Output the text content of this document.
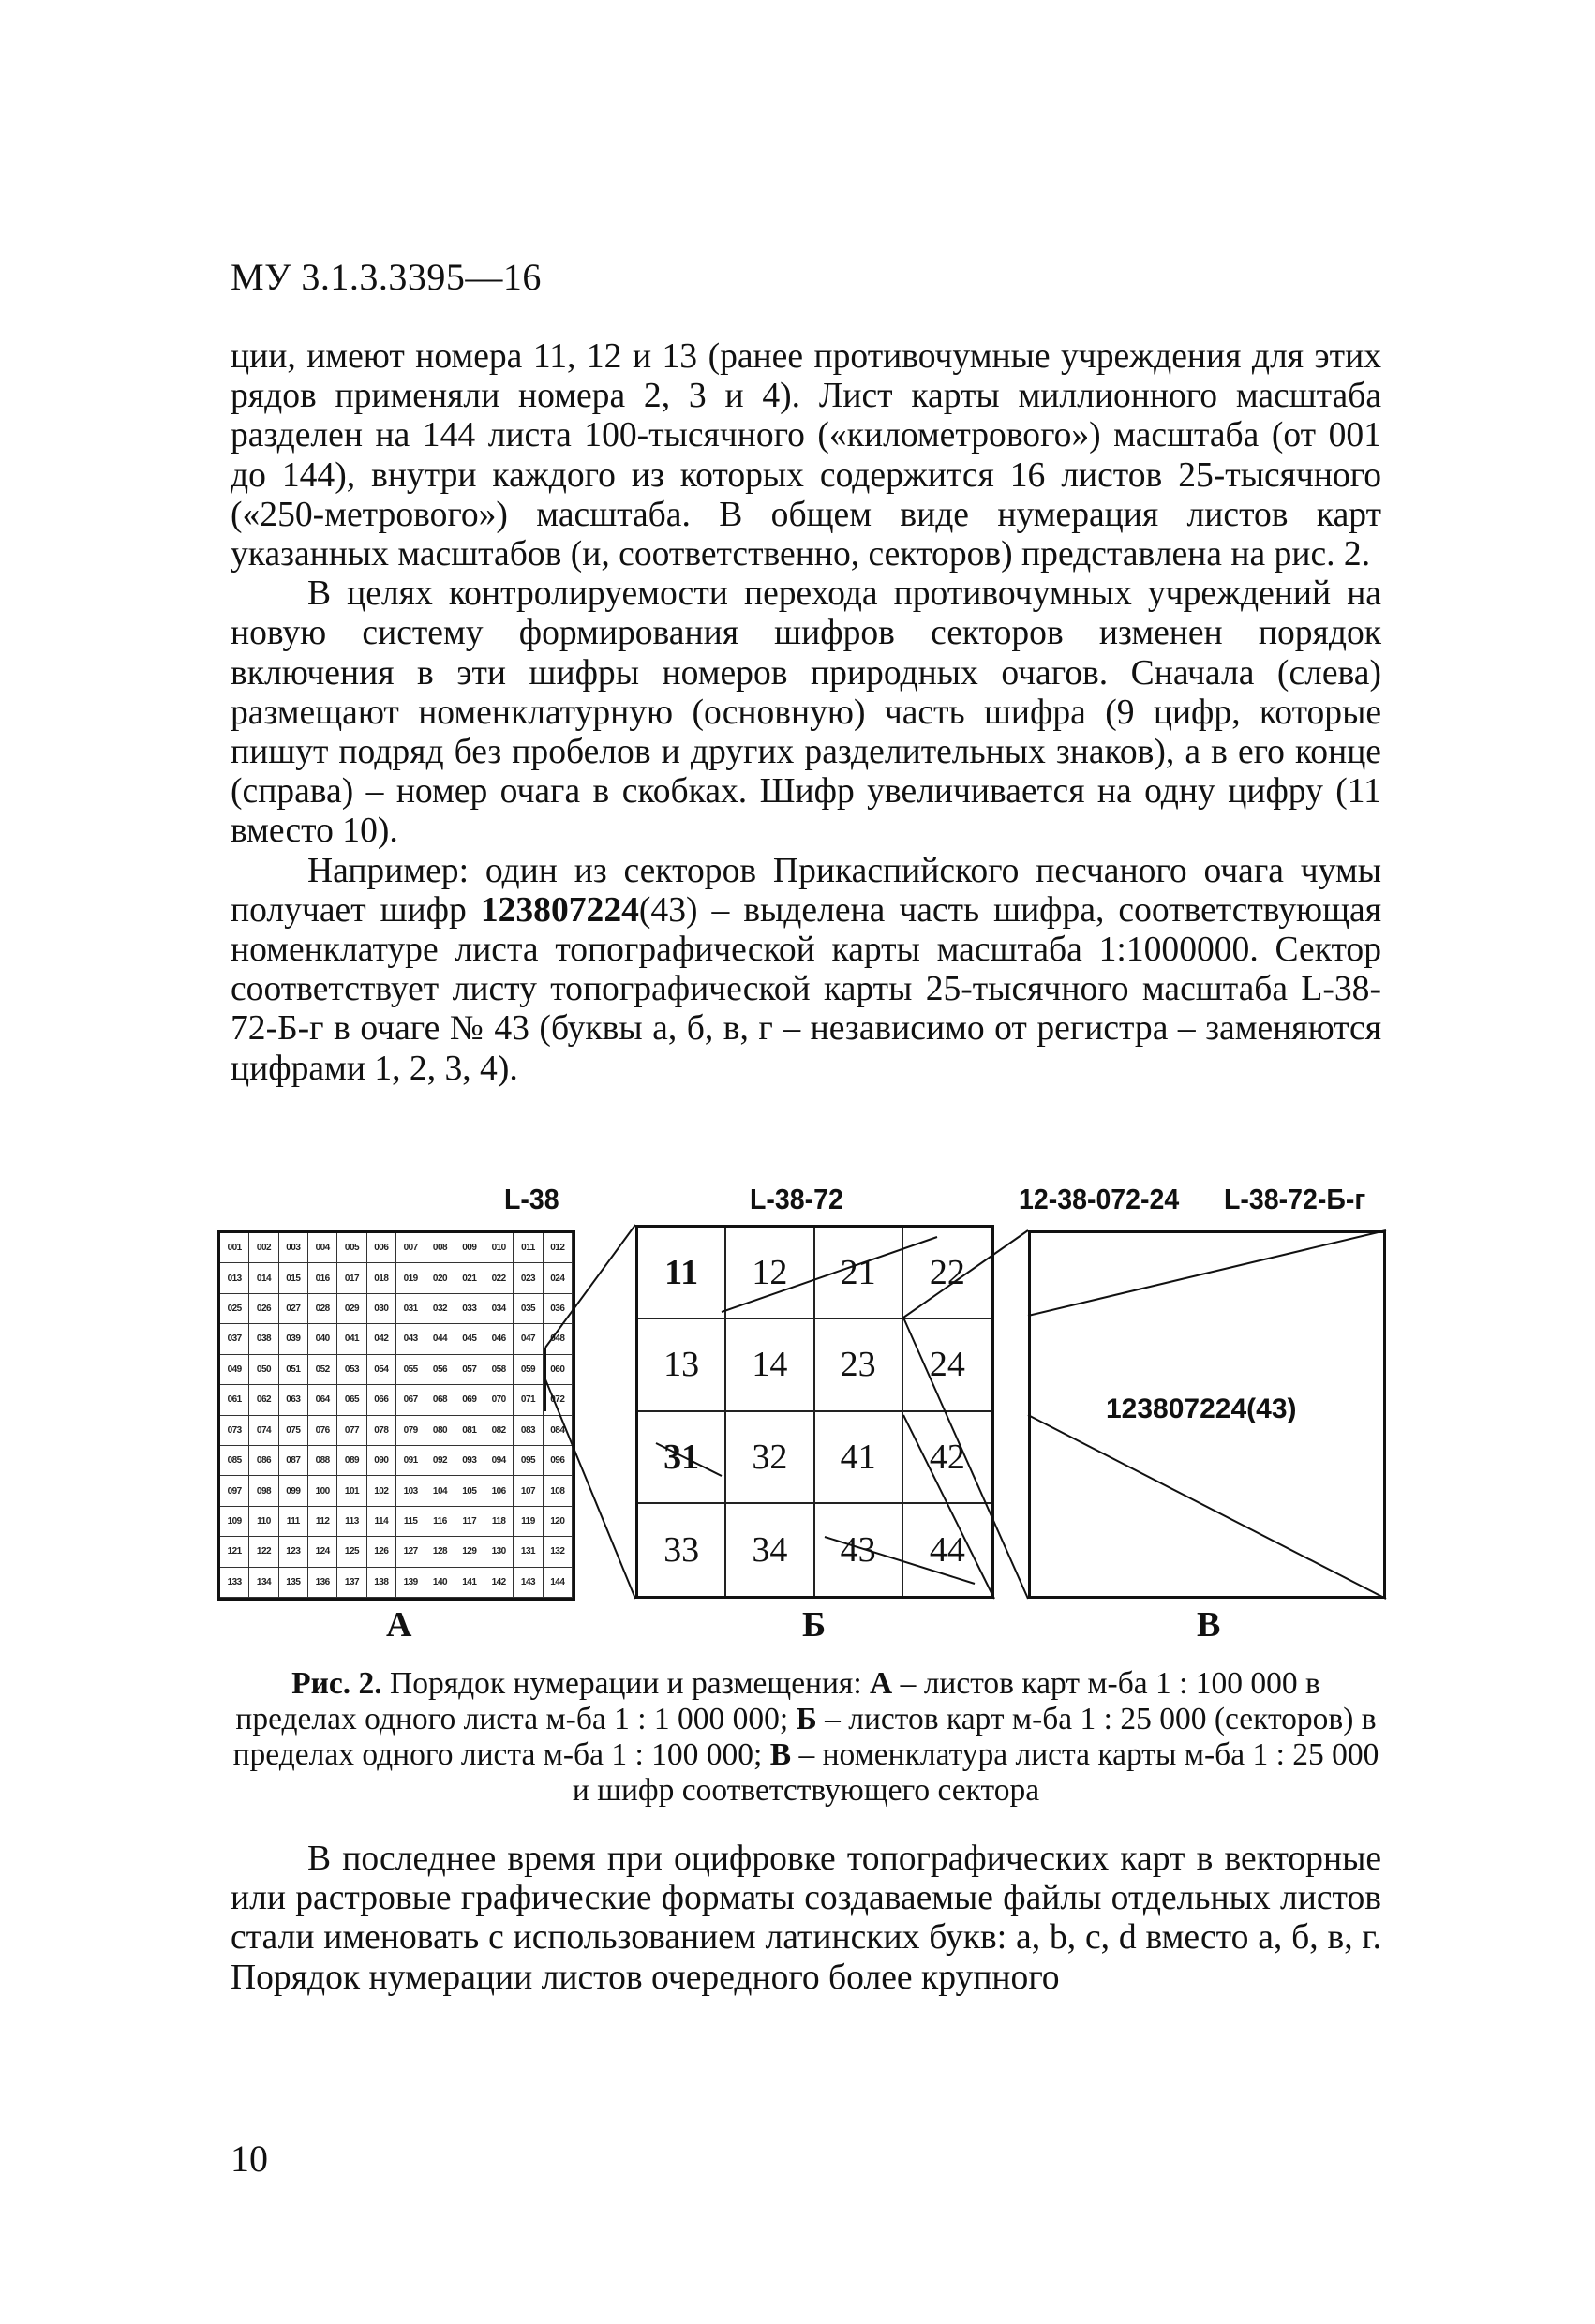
МУ 3.1.3.3395—16

ции, имеют номера 11, 12 и 13 (ранее противочумные учреждения для этих рядов применяли номера 2, 3 и 4). Лист карты миллионного масштаба разделен на 144 листа 100-тысячного («километрового») масштаба (от 001 до 144), внутри каждого из которых содержится 16 листов 25-тысячного («250-метрового») масштаба. В общем виде нумерация листов карт указанных масштабов (и, соответственно, секторов) представлена на рис. 2.

В целях контролируемости перехода противочумных учреждений на новую систему формирования шифров секторов изменен порядок включения в эти шифры номеров природных очагов. Сначала (слева) размещают номенклатурную (основную) часть шифра (9 цифр, которые пишут подряд без пробелов и других разделительных знаков), а в его конце (справа) – номер очага в скобках. Шифр увеличивается на одну цифру (11 вместо 10).

Например: один из секторов Прикаспийского песчаного очага чумы получает шифр 123807224(43) – выделена часть шифра, соответствующая номенклатуре листа топографической карты масштаба 1:1000000. Сектор соответствует листу топографической карты 25-тысячного масштаба L-38-72-Б-г в очаге № 43 (буквы а, б, в, г – независимо от регистра – заменяются цифрами 1, 2, 3, 4).

L-38	L-38-72	12-38-072-24 L-38-72-Б-г
001	002	003	004	005	006	007	008	009	010	011	012
013	014	015	016	017	018	019	020	021	022	023	024
025	026	027	028	029	030	031	032	033	034	035	036
037	038	039	040	041	042	043	044	045	046	047	048
049	050	051	052	053	054	055	056	057	058	059	060
061	062	063	064	065	066	067	068	069	070	071	072
073	074	075	076	077	078	079	080	081	082	083	084
085	086	087	088	089	090	091	092	093	094	095	096
097	098	099	100	101	102	103	104	105	106	107	108
109	110	111	112	113	114	115	116	117	118	119	120
121	122	123	124	125	126	127	128	129	130	131	132
133	134	135	136	137	138	139	140	141	142	143	144
11	12	21	22
13	14	23	24
31	32	41	42
33	34	43	44
123807224(43)
А	Б	В
Рис. 2. Порядок нумерации и размещения: А – листов карт м-ба 1 : 100 000 в пределах одного листа м-ба 1 : 1 000 000; Б – листов карт м-ба 1 : 25 000 (секторов) в пределах одного листа м-ба 1 : 100 000; В – номенклатура листа карты м-ба 1 : 25 000 и шифр соответствующего сектора

В последнее время при оцифровке топографических карт в векторные или растровые графические форматы создаваемые файлы отдельных листов стали именовать с использованием латинских букв: a, b, c, d вместо а, б, в, г. Порядок нумерации листов очередного более крупного

10
